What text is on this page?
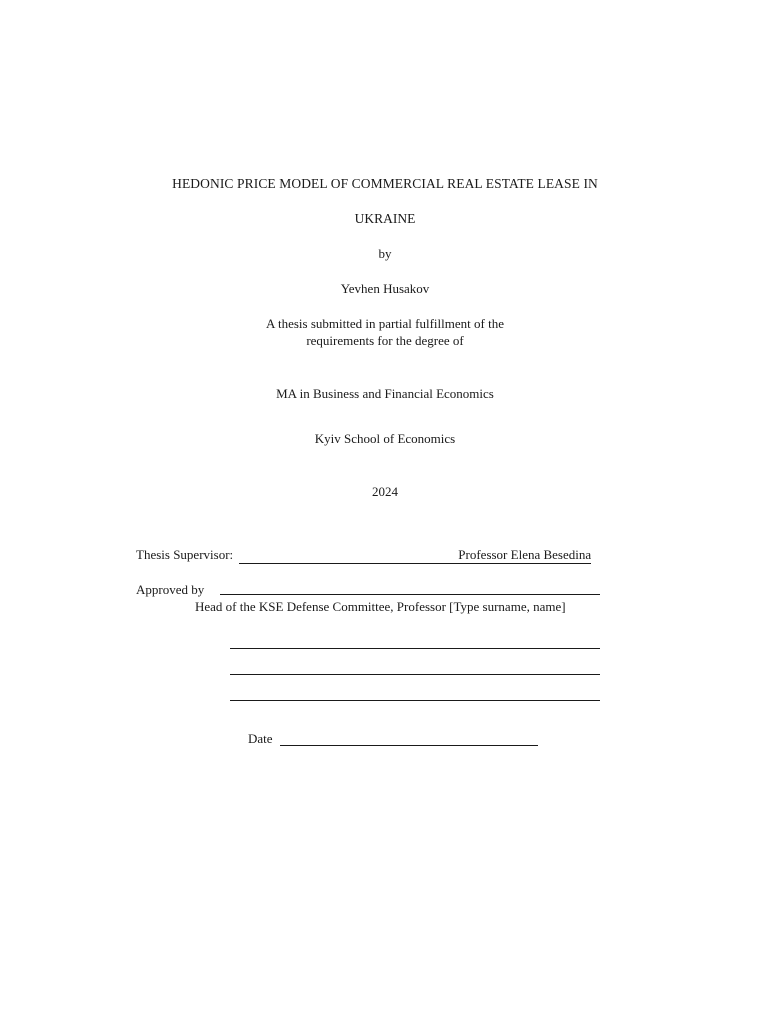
HEDONIC PRICE MODEL OF COMMERCIAL REAL ESTATE LEASE IN
UKRAINE
by
Yevhen Husakov
A thesis submitted in partial fulfillment of the
requirements for the degree of
MA in Business and Financial Economics
Kyiv School of Economics
2024
Thesis Supervisor:	Professor Elena Besedina
Approved by
Head of the KSE Defense Committee, Professor [Type surname, name]
Date
